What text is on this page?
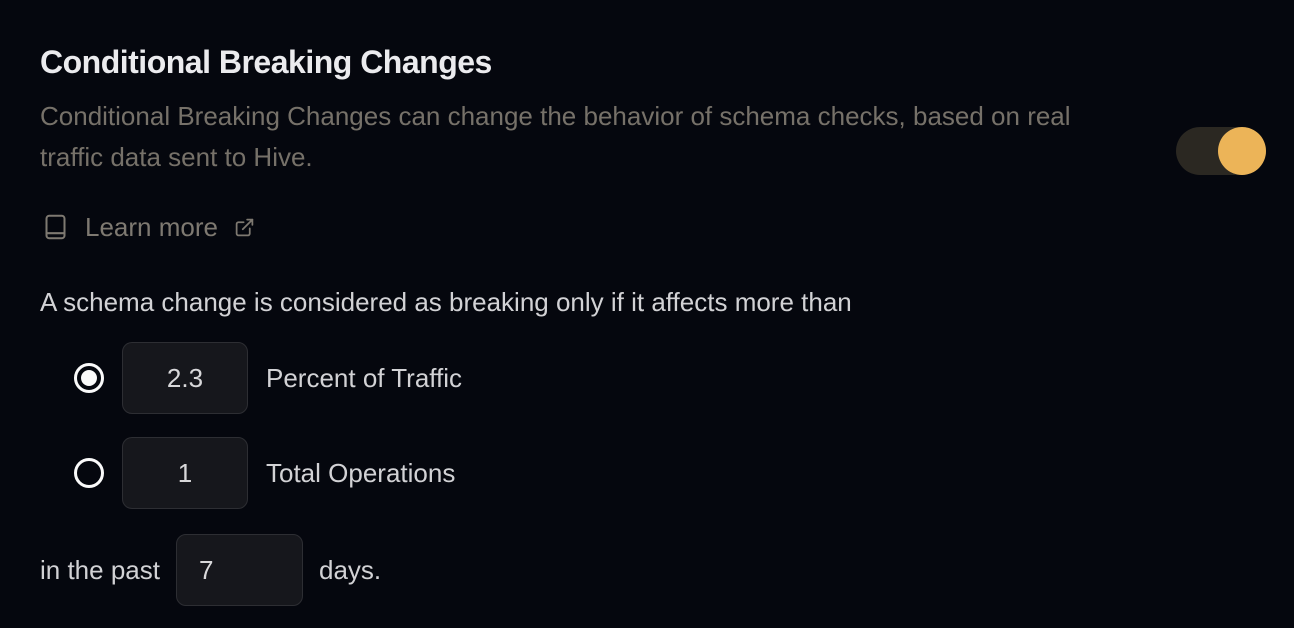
Conditional Breaking Changes
Conditional Breaking Changes can change the behavior of schema checks, based on real
traffic data sent to Hive.
Learn more
A schema change is considered as breaking only if it affects more than
2.3
Percent of Traffic
1
Total Operations
in the past
7	days.
